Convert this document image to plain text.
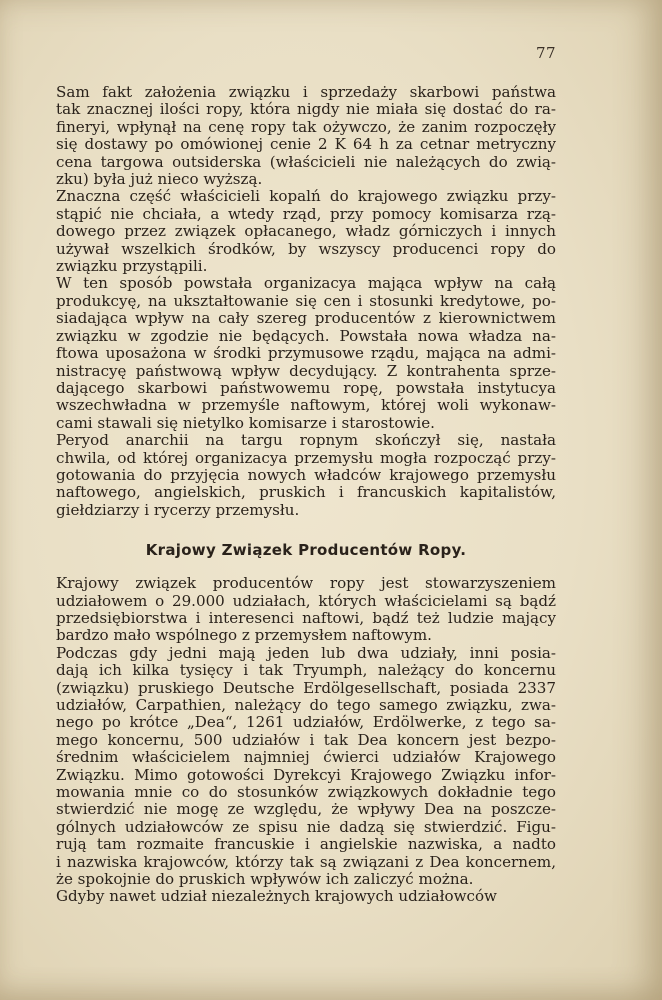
77

Sam fakt założenia związku i sprzedaży skarbowi państwa
tak znacznej ilości ropy, która nigdy nie miała się dostać do ra-
fineryi, wpłynął na cenę ropy tak ożywczo, że zanim rozpoczęły
się dostawy po omówionej cenie 2 K 64 h za cetnar metryczny
cena targowa outsiderska (właścicieli nie należących do zwią-
zku) była już nieco wyższą.

Znaczna część właścicieli kopalń do krajowego związku przy-
stąpić nie chciała, a wtedy rząd, przy pomocy komisarza rzą-
dowego przez związek opłacanego, władz górniczych i innych
używał wszelkich środków, by wszyscy producenci ropy do
związku przystąpili.

W ten sposób powstała organizacya mająca wpływ na całą
produkcyę, na ukształtowanie się cen i stosunki kredytowe, po-
siadająca wpływ na cały szereg producentów z kierownictwem
związku w zgodzie nie będących. Powstała nowa władza na-
ftowa uposażona w środki przymusowe rządu, mająca na admi-
nistracyę państwową wpływ decydujący. Z kontrahenta sprze-
dającego skarbowi państwowemu ropę, powstała instytucya
wszechwładna w przemyśle naftowym, której woli wykonaw-
cami stawali się nietylko komisarze i starostowie.

Peryod anarchii na targu ropnym skończył się, nastała
chwila, od której organizacya przemysłu mogła rozpocząć przy-
gotowania do przyjęcia nowych władców krajowego przemysłu
naftowego, angielskich, pruskich i francuskich kapitalistów,
giełdziarzy i rycerzy przemysłu.

Krajowy Związek Producentów Ropy.

Krajowy związek producentów ropy jest stowarzyszeniem
udziałowem o 29.000 udziałach, których właścicielami są bądź
przedsiębiorstwa i interesenci naftowi, bądź też ludzie mający
bardzo mało wspólnego z przemysłem naftowym.

Podczas gdy jedni mają jeden lub dwa udziały, inni posia-
dają ich kilka tysięcy i tak Tryumph, należący do koncernu
(związku) pruskiego Deutsche Erdölgesellschaft, posiada 2337
udziałów, Carpathien, należący do tego samego związku, zwa-
nego po krótce „Dea“, 1261 udziałów, Erdölwerke, z tego sa-
mego koncernu, 500 udziałów i tak Dea koncern jest bezpo-
średnim właścicielem najmniej ćwierci udziałów Krajowego
Związku. Mimo gotowości Dyrekcyi Krajowego Związku infor-
mowania mnie co do stosunków związkowych dokładnie tego
stwierdzić nie mogę ze względu, że wpływy Dea na poszcze-
gólnych udziałowców ze spisu nie dadzą się stwierdzić. Figu-
rują tam rozmaite francuskie i angielskie nazwiska, a nadto
i nazwiska krajowców, którzy tak są związani z Dea koncernem,
że spokojnie do pruskich wpływów ich zaliczyć można.

Gdyby nawet udział niezależnych krajowych udziałowców
